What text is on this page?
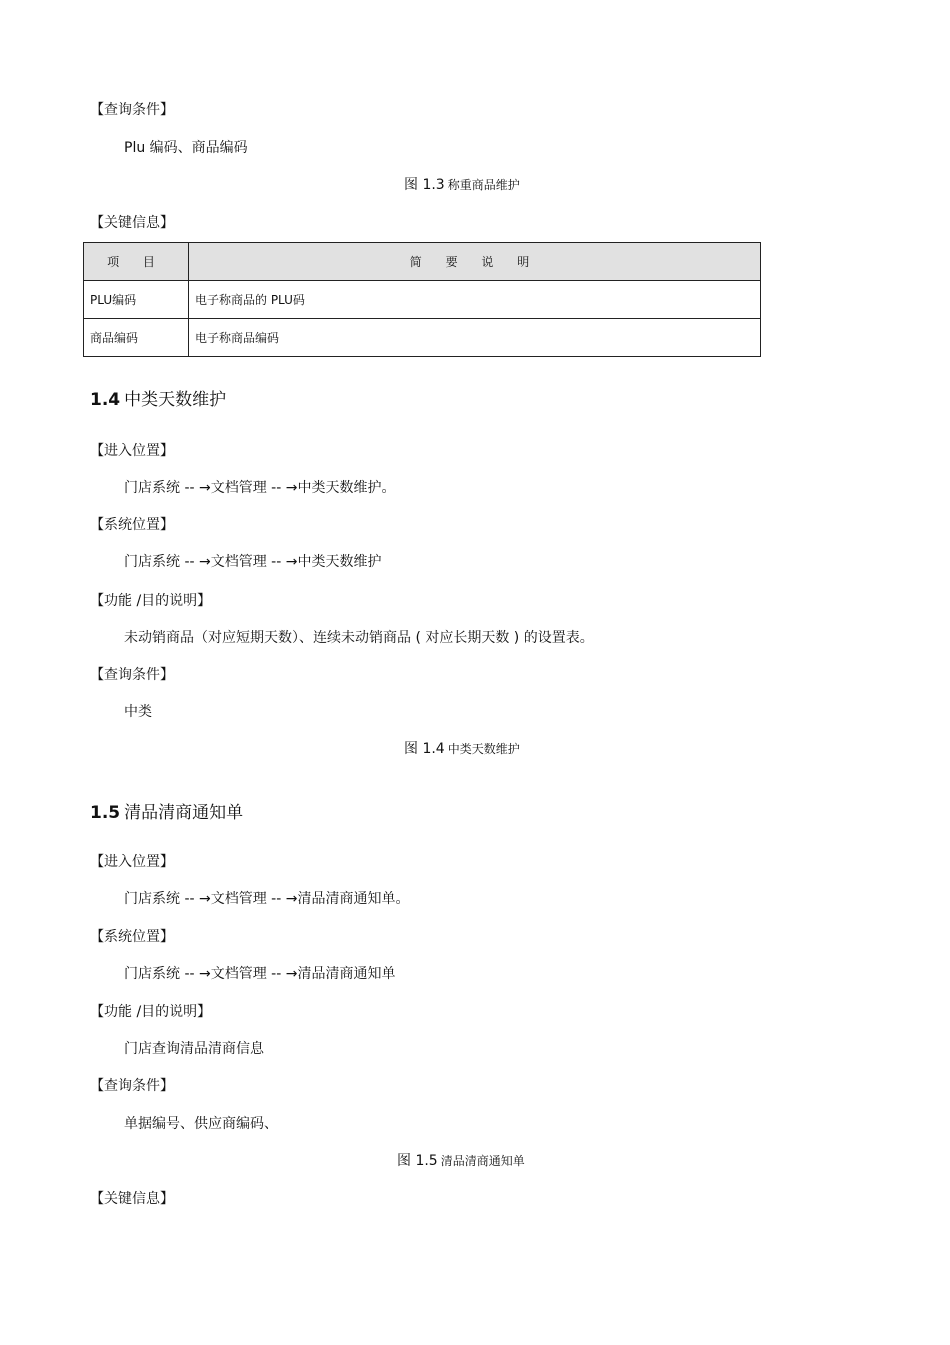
【查询条件】
Plu 编码、商品编码
图 1.3 称重商品维护
【关键信息】
项 目	简 要 说 明
PLU编码	电子称商品的 PLU码
商品编码	电子称商品编码
1.4 中类天数维护
【进入位置】
门店系统 -- →文档管理 -- →中类天数维护。
【系统位置】
门店系统 -- →文档管理 -- →中类天数维护
【功能 /目的说明】
未动销商品（对应短期天数）、连续未动销商品 ( 对应长期天数 ) 的设置表。
【查询条件】
中类
图 1.4 中类天数维护
1.5 清品清商通知单
【进入位置】
门店系统 -- →文档管理 -- →清品清商通知单。
【系统位置】
门店系统 -- →文档管理 -- →清品清商通知单
【功能 /目的说明】
门店查询清品清商信息
【查询条件】
单据编号、供应商编码、
图 1.5 清品清商通知单
【关键信息】
